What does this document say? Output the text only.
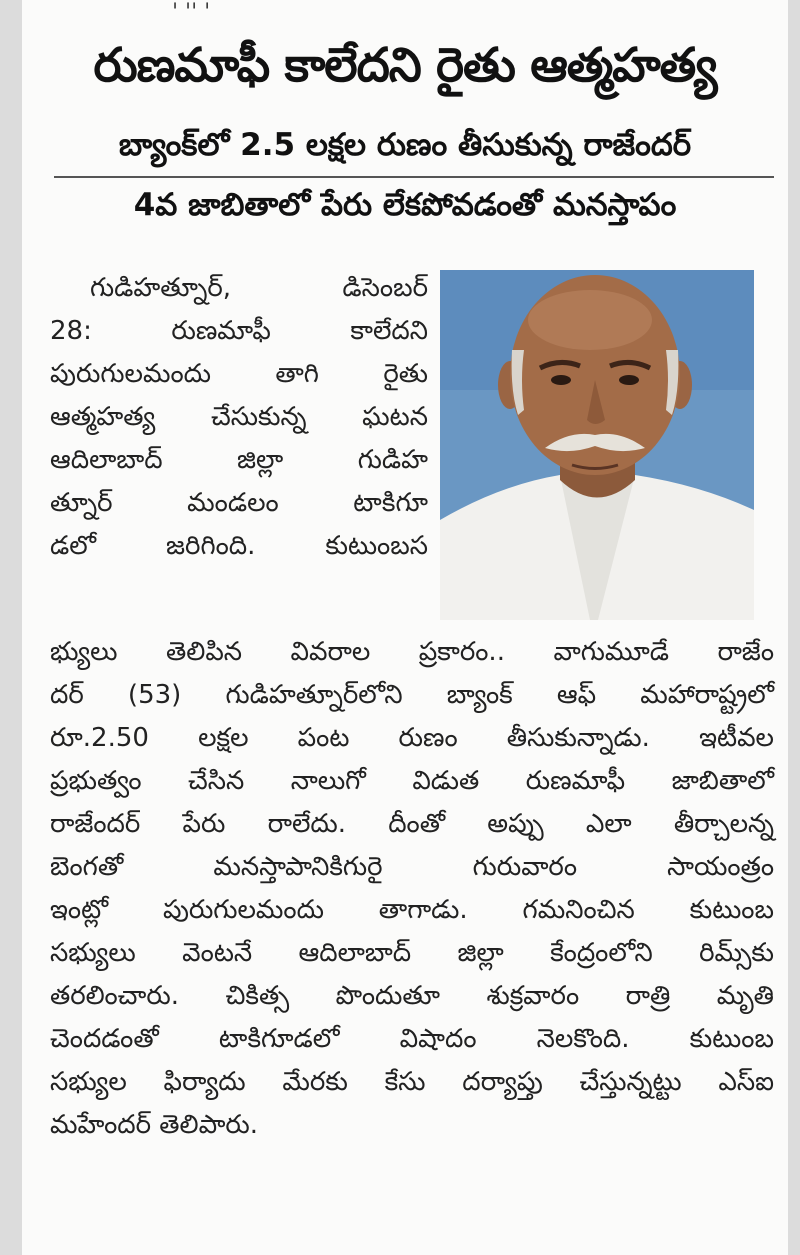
రుణమాఫీ కాలేదని రైతు ఆత్మహత్య
బ్యాంక్‌లో 2.5 లక్షల రుణం తీసుకున్న రాజేందర్
4వ జాబితాలో పేరు లేకపోవడంతో మనస్తాపం
గుడిహత్నూర్, డిసెంబర్
28: రుణమాఫీ కాలేదని
పురుగులమందు తాగి రైతు
ఆత్మహత్య చేసుకున్న ఘటన
ఆదిలాబాద్ జిల్లా గుడిహ
త్నూర్ మండలం టాకిగూ
డలో జరిగింది. కుటుంబస
భ్యులు తెలిపిన వివరాల ప్రకారం.. వాగుమూడే రాజేం
దర్ (53) గుడిహత్నూర్‌లోని బ్యాంక్ ఆఫ్ మహారాష్ట్రలో
రూ.2.50 లక్షల పంట రుణం తీసుకున్నాడు. ఇటీవల
ప్రభుత్వం చేసిన నాలుగో విడుత రుణమాఫీ జాబితాలో
రాజేందర్ పేరు రాలేదు. దీంతో అప్పు ఎలా తీర్చాలన్న
బెంగతో మనస్తాపానికిగురై గురువారం సాయంత్రం
ఇంట్లో పురుగులమందు తాగాడు. గమనించిన కుటుంబ
సభ్యులు వెంటనే ఆదిలాబాద్ జిల్లా కేంద్రంలోని రిమ్స్‌కు
తరలించారు. చికిత్స పొందుతూ శుక్రవారం రాత్రి మృతి
చెందడంతో టాకిగూడలో విషాదం నెలకొంది. కుటుంబ
సభ్యుల ఫిర్యాదు మేరకు కేసు దర్యాప్తు చేస్తున్నట్టు ఎస్ఐ
మహేందర్ తెలిపారు.
